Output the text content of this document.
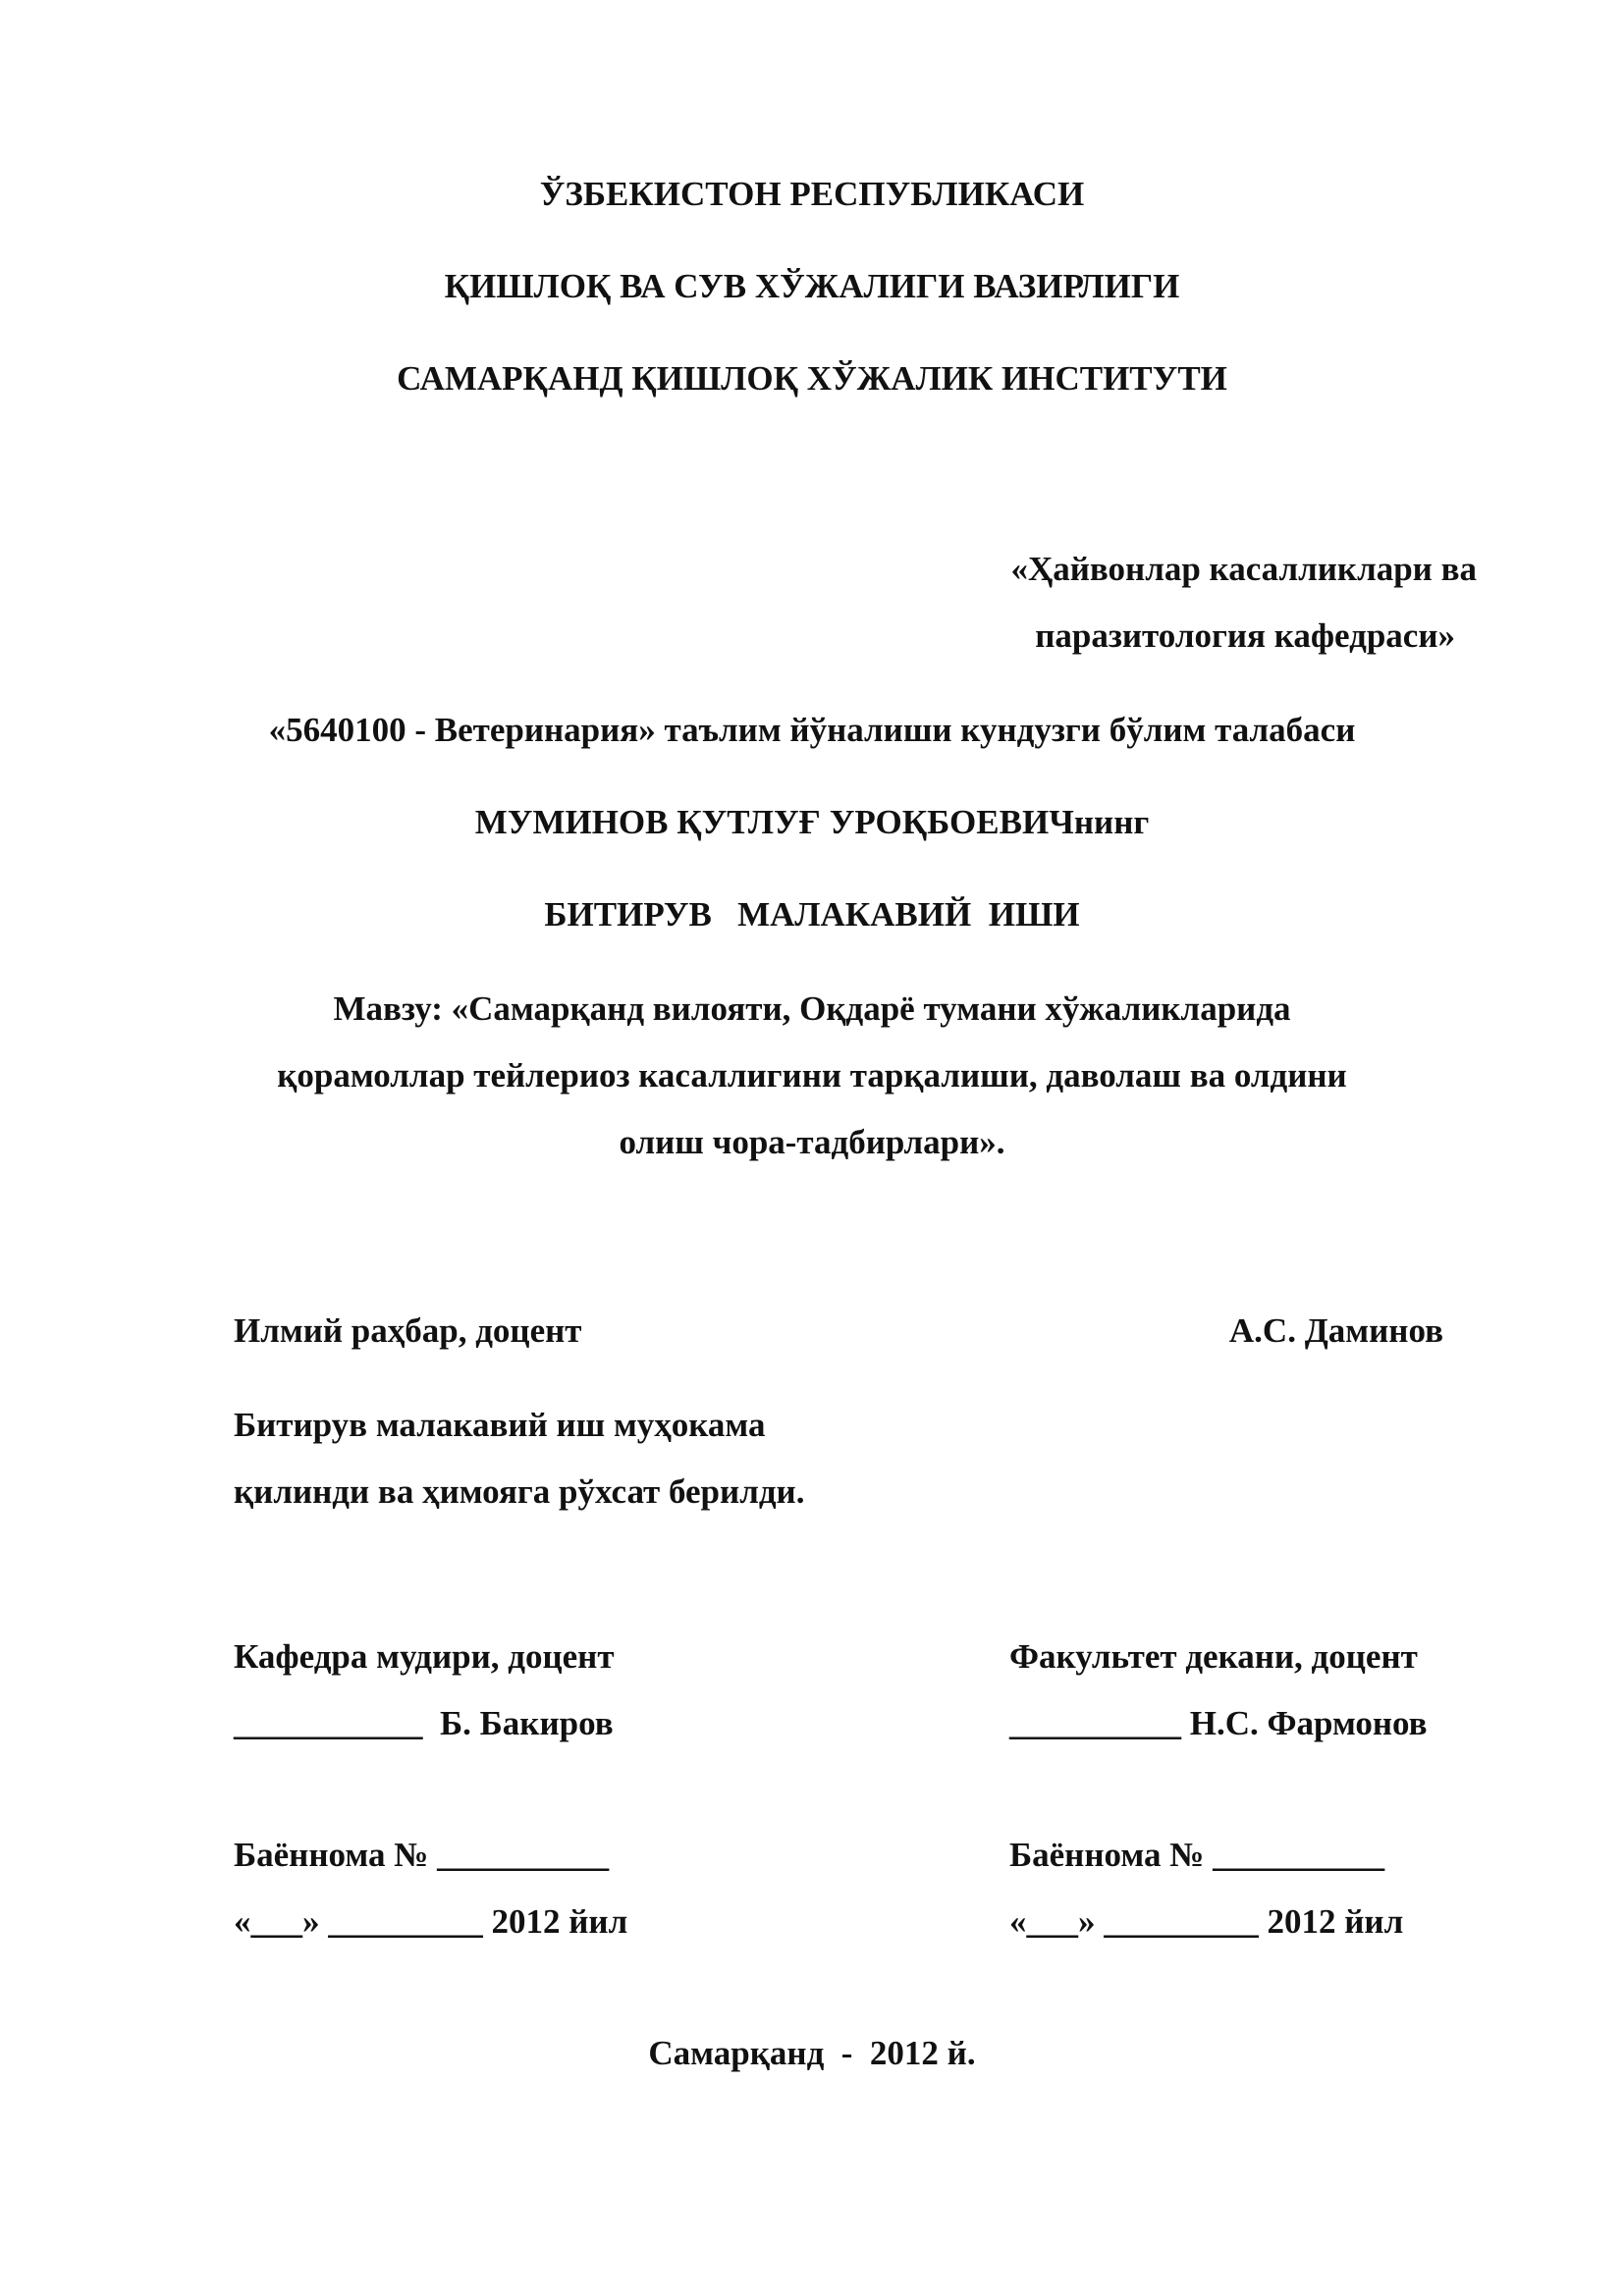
ЎЗБЕКИСТОН РЕСПУБЛИКАСИ

ҚИШЛОҚ ВА СУВ ХЎЖАЛИГИ ВАЗИРЛИГИ

САМАРҚАНД ҚИШЛОҚ ХЎЖАЛИК ИНСТИТУТИ

«Ҳайвонлар касалликлари ва

паразитология кафедраси»

«5640100 - Ветеринария» таълим йўналиши кундузги бўлим талабаси

МУМИНОВ ҚУТЛУҒ УРОҚБОЕВИЧнинг

БИТИРУВ   МАЛАКАВИЙ  ИШИ

Мавзу: «Самарқанд вилояти, Оқдарё тумани хўжаликларида

қорамоллар тейлериоз касаллигини тарқалиши, даволаш ва олдини

олиш чора-тадбирлари».

Илмий раҳбар, доцент	А.С. Даминов

Битирув малакавий иш муҳокама

қилинди ва ҳимояга рўхсат берилди.

Кафедра мудири, доцент

___________  Б. Бакиров

Баённома № __________

«___» _________ 2012 йил

Факультет декани, доцент

__________ Н.С. Фармонов

Баённома № __________

«___» _________ 2012 йил

Самарқанд  -  2012 й.
